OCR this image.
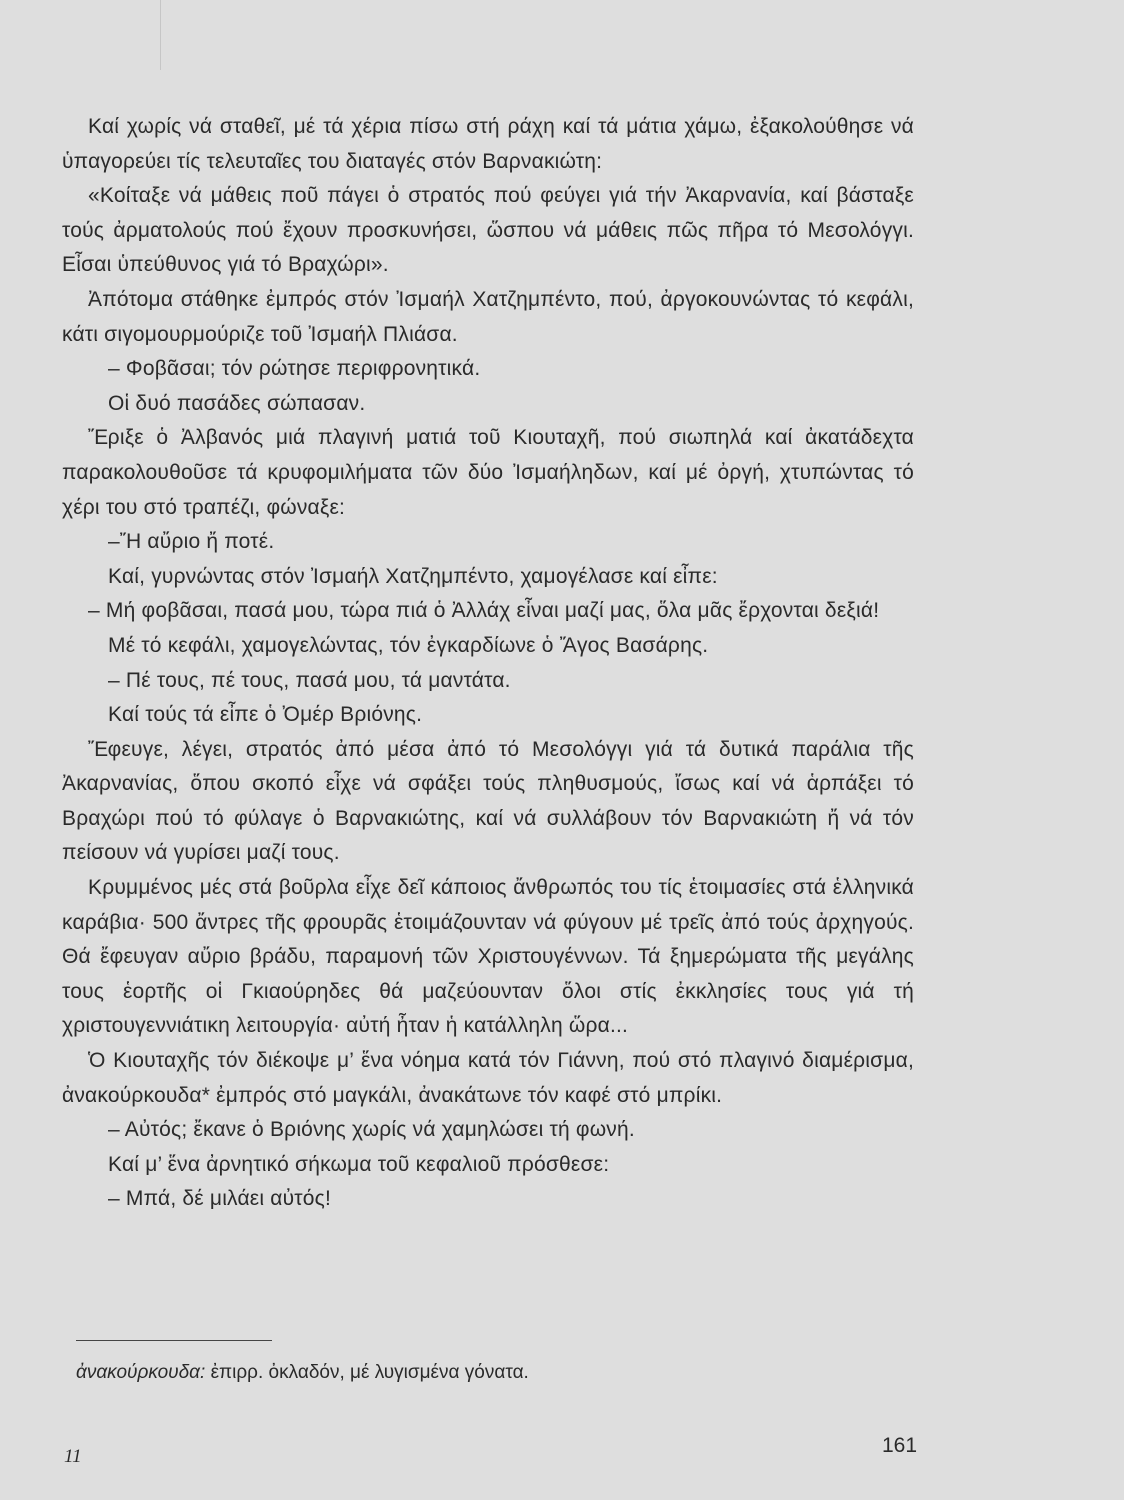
Καί χωρίς νά σταθεῖ, μέ τά χέρια πίσω στή ράχη καί τά μάτια χάμω, ἐξακολούθησε νά ὑπαγορεύει τίς τελευταῖες του διαταγές στόν Βαρνακιώτη:

«Κοίταξε νά μάθεις ποῦ πάγει ὁ στρατός πού φεύγει γιά τήν Ἀκαρνανία, καί βάσταξε τούς ἀρματολούς πού ἔχουν προσκυνήσει, ὥσπου νά μάθεις πῶς πῆρα τό Μεσολόγγι. Εἶσαι ὑπεύθυνος γιά τό Βραχώρι».

Ἀπότομα στάθηκε ἐμπρός στόν Ἰσμαήλ Χατζημπέντο, πού, ἀργοκουνώντας τό κεφάλι, κάτι σιγομουρμούριζε τοῦ Ἰσμαήλ Πλιάσα.

– Φοβᾶσαι; τόν ρώτησε περιφρονητικά.

Οἱ δυό πασάδες σώπασαν.

Ἔριξε ὁ Ἀλβανός μιά πλαγινή ματιά τοῦ Κιουταχῆ, πού σιωπηλά καί ἀκατάδεχτα παρακολουθοῦσε τά κρυφομιλήματα τῶν δύο Ἰσμαήληδων, καί μέ ὀργή, χτυπώντας τό χέρι του στό τραπέζι, φώναξε:

–Ἤ αὔριο ἤ ποτέ.

Καί, γυρνώντας στόν Ἰσμαήλ Χατζημπέντο, χαμογέλασε καί εἶπε:

– Μή φοβᾶσαι, πασά μου, τώρα πιά ὁ Ἀλλάχ εἶναι μαζί μας, ὅλα μᾶς ἔρχονται δεξιά!

Μέ τό κεφάλι, χαμογελώντας, τόν ἐγκαρδίωνε ὁ Ἄγος Βασάρης.

– Πέ τους, πέ τους, πασά μου, τά μαντάτα.

Καί τούς τά εἶπε ὁ Ὀμέρ Βριόνης.

Ἔφευγε, λέγει, στρατός ἀπό μέσα ἀπό τό Μεσολόγγι γιά τά δυτικά παράλια τῆς Ἀκαρνανίας, ὅπου σκοπό εἶχε νά σφάξει τούς πληθυσμούς, ἴσως καί νά ἁρπάξει τό Βραχώρι πού τό φύλαγε ὁ Βαρνακιώτης, καί νά συλλάβουν τόν Βαρνακιώτη ἤ νά τόν πείσουν νά γυρίσει μαζί τους.

Κρυμμένος μές στά βοῦρλα εἶχε δεῖ κάποιος ἄνθρωπός του τίς ἑτοιμασίες στά ἑλληνικά καράβια· 500 ἄντρες τῆς φρουρᾶς ἑτοιμάζουνταν νά φύγουν μέ τρεῖς ἀπό τούς ἀρχηγούς. Θά ἔφευγαν αὔριο βράδυ, παραμονή τῶν Χριστουγέννων. Τά ξημερώματα τῆς μεγάλης τους ἑορτῆς οἱ Γκιαούρηδες θά μαζεύουνταν ὅλοι στίς ἐκκλησίες τους γιά τή χριστουγεννιάτικη λειτουργία· αὐτή ἦταν ἡ κατάλληλη ὥρα...

Ὁ Κιουταχῆς τόν διέκοψε μ’ ἕνα νόημα κατά τόν Γιάννη, πού στό πλαγινό διαμέρισμα, ἀνακούρκουδα* ἐμπρός στό μαγκάλι, ἀνακάτωνε τόν καφέ στό μπρίκι.

– Αὐτός; ἔκανε ὁ Βριόνης χωρίς νά χαμηλώσει τή φωνή.

Καί μ’ ἕνα ἀρνητικό σήκωμα τοῦ κεφαλιοῦ πρόσθεσε:

– Μπά, δέ μιλάει αὐτός!

ἀνακούρκουδα: ἐπιρρ. ὀκλαδόν, μέ λυγισμένα γόνατα.
11	161
